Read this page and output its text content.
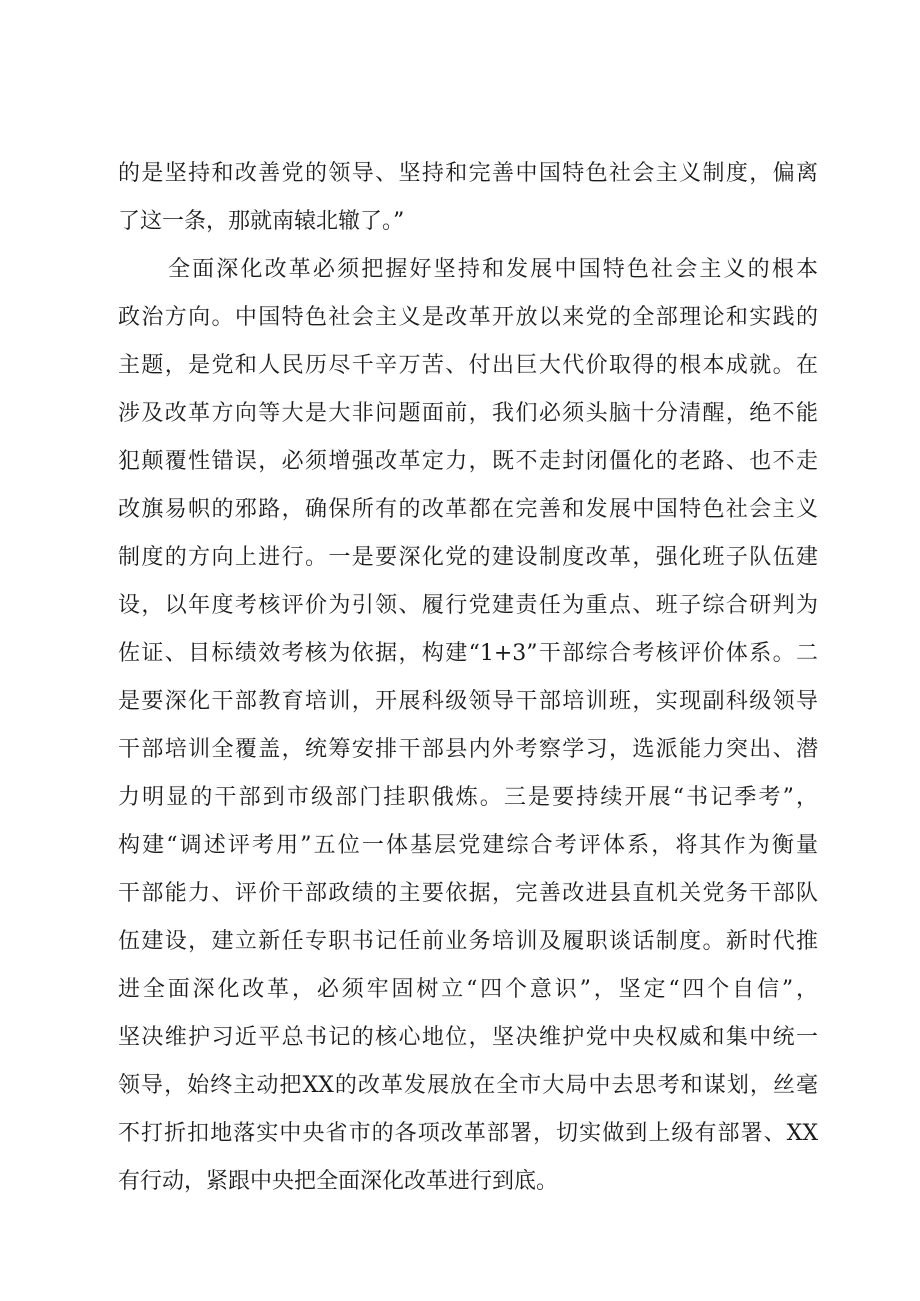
的是坚持和改善党的领导、坚持和完善中国特色社会主义制度，偏离
了这一条，那就南辕北辙了。”
全面深化改革必须把握好坚持和发展中国特色社会主义的根本
政治方向。中国特色社会主义是改革开放以来党的全部理论和实践的
主题，是党和人民历尽千辛万苦、付出巨大代价取得的根本成就。在
涉及改革方向等大是大非问题面前，我们必须头脑十分清醒，绝不能
犯颠覆性错误，必须增强改革定力，既不走封闭僵化的老路、也不走
改旗易帜的邪路，确保所有的改革都在完善和发展中国特色社会主义
制度的方向上进行。一是要深化党的建设制度改革，强化班子队伍建
设，以年度考核评价为引领、履行党建责任为重点、班子综合研判为
佐证、目标绩效考核为依据，构建“1+3”干部综合考核评价体系。二
是要深化干部教育培训，开展科级领导干部培训班，实现副科级领导
干部培训全覆盖，统筹安排干部县内外考察学习，选派能力突出、潜
力明显的干部到市级部门挂职俄炼。三是要持续开展“书记季考”，
构建“调述评考用”五位一体基层党建综合考评体系，将其作为衡量
干部能力、评价干部政绩的主要依据，完善改进县直机关党务干部队
伍建设，建立新任专职书记任前业务培训及履职谈话制度。新时代推
进全面深化改革，必须牢固树立“四个意识”，坚定“四个自信”，
坚决维护习近平总书记的核心地位，坚决维护党中央权威和集中统一
领导，始终主动把XX的改革发展放在全市大局中去思考和谋划，丝毫
不打折扣地落实中央省市的各项改革部署，切实做到上级有部署、XX
有行动，紧跟中央把全面深化改革进行到底。
